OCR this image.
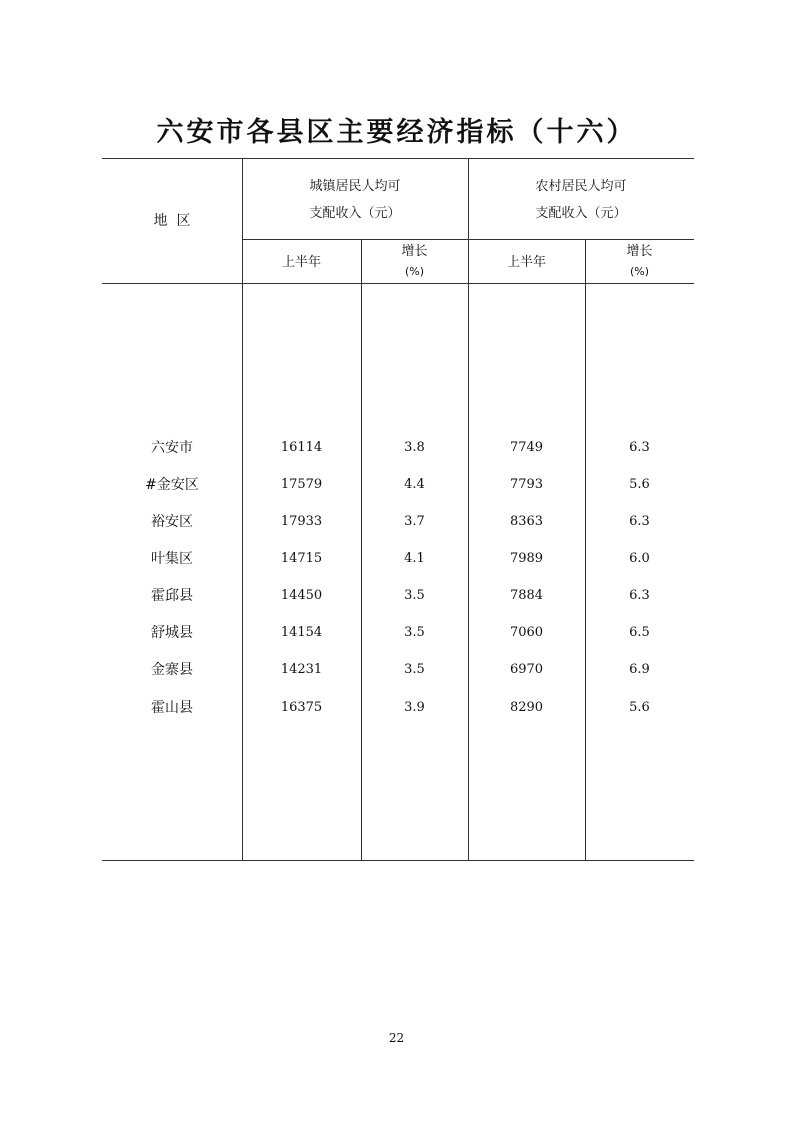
六安市各县区主要经济指标（十六）
地  区
城镇居民人均可
支配收入（元）
农村居民人均可
支配收入（元）
上半年
增长
(%)
上半年
增长
(%)
六安市	16114	3.8	7749	6.3
#金安区	17579	4.4	7793	5.6
裕安区	17933	3.7	8363	6.3
叶集区	14715	4.1	7989	6.0
霍邱县	14450	3.5	7884	6.3
舒城县	14154	3.5	7060	6.5
金寨县	14231	3.5	6970	6.9
霍山县	16375	3.9	8290	5.6
22
